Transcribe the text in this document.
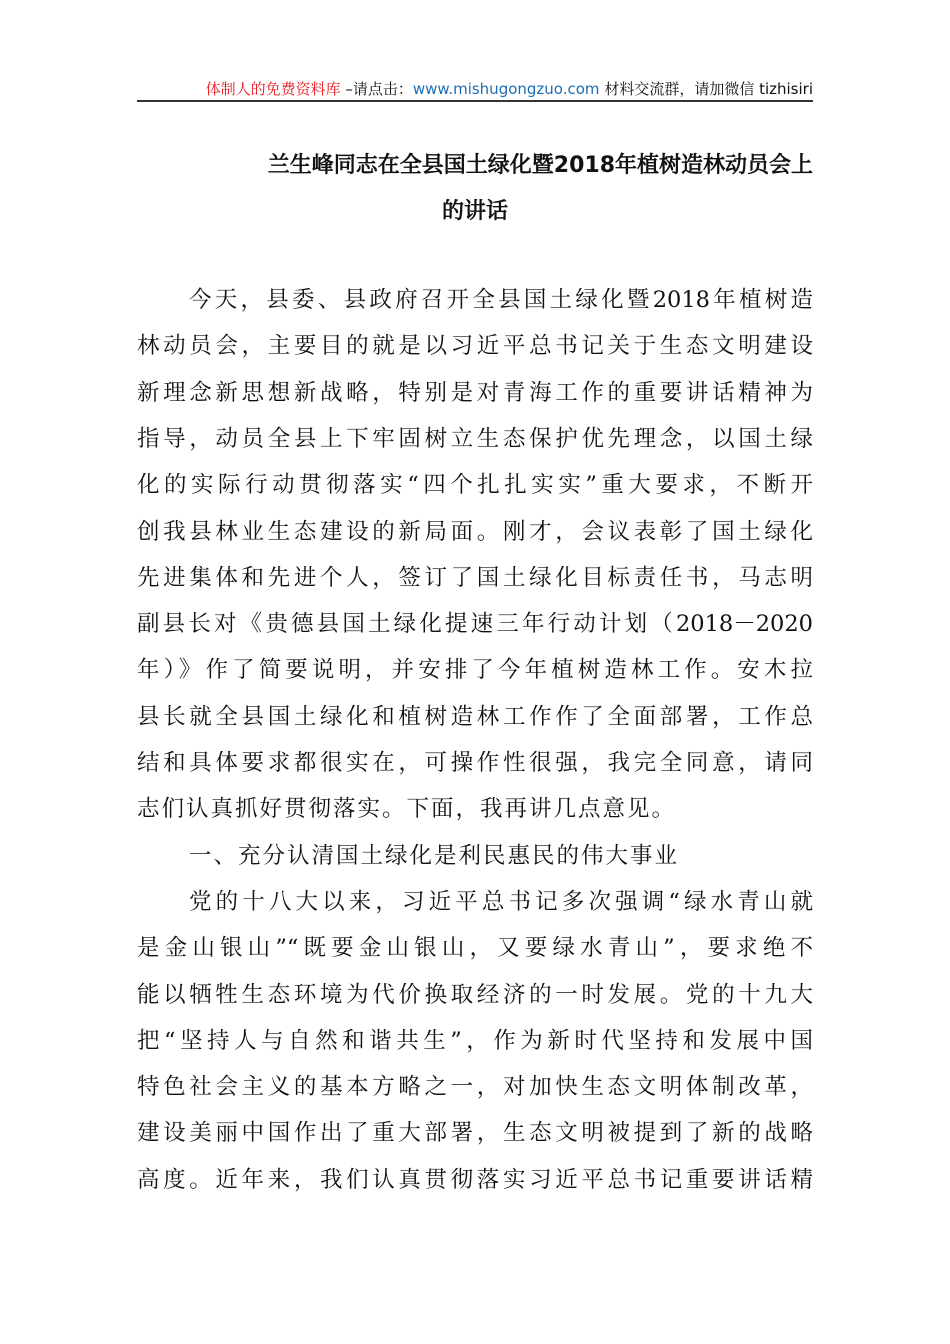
体制人的免费资料库 –请点击：www.mishugongzuo.com 材料交流群，请加微信 tizhisiri
兰生峰同志在全县国土绿化暨2018年植树造林动员会上
的讲话
今天，县委、县政府召开全县国土绿化暨2018年植树造
林动员会，主要目的就是以习近平总书记关于生态文明建设
新理念新思想新战略，特别是对青海工作的重要讲话精神为
指导，动员全县上下牢固树立生态保护优先理念，以国土绿
化的实际行动贯彻落实“四个扎扎实实”重大要求，不断开
创我县林业生态建设的新局面。刚才，会议表彰了国土绿化
先进集体和先进个人，签订了国土绿化目标责任书，马志明
副县长对《贵德县国土绿化提速三年行动计划（2018－2020
年）》作了简要说明，并安排了今年植树造林工作。安木拉
县长就全县国土绿化和植树造林工作作了全面部署，工作总
结和具体要求都很实在，可操作性很强，我完全同意，请同
志们认真抓好贯彻落实。下面，我再讲几点意见。
一、充分认清国土绿化是利民惠民的伟大事业
党的十八大以来，习近平总书记多次强调“绿水青山就
是金山银山”“既要金山银山，又要绿水青山”，要求绝不
能以牺牲生态环境为代价换取经济的一时发展。党的十九大
把“坚持人与自然和谐共生”，作为新时代坚持和发展中国
特色社会主义的基本方略之一，对加快生态文明体制改革，
建设美丽中国作出了重大部署，生态文明被提到了新的战略
高度。近年来，我们认真贯彻落实习近平总书记重要讲话精
